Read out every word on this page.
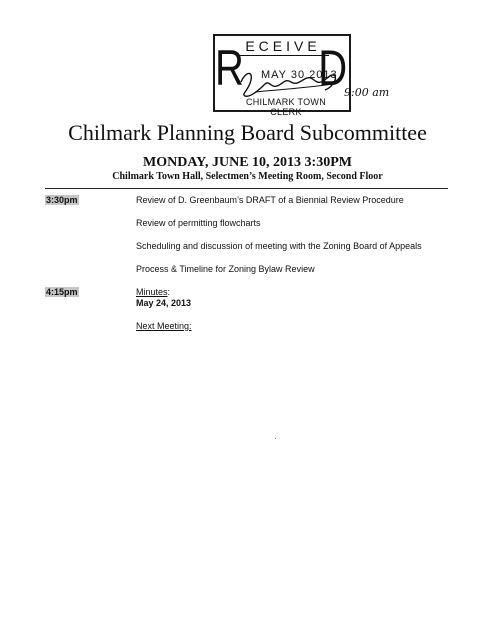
R ECEIVE
D
MAY 30 2013
CHILMARK TOWN CLERK
9:00 am
Chilmark Planning Board Subcommittee
MONDAY, JUNE 10, 2013 3:30PM
Chilmark Town Hall, Selectmen’s Meeting Room, Second Floor
3:30pm	Review of D. Greenbaum’s DRAFT of a Biennial Review Procedure
Review of permitting flowcharts
Scheduling and discussion of meeting with the Zoning Board of Appeals
Process & Timeline for Zoning Bylaw Review
4:15pm	Minutes:
May 24, 2013
Next Meeting:
